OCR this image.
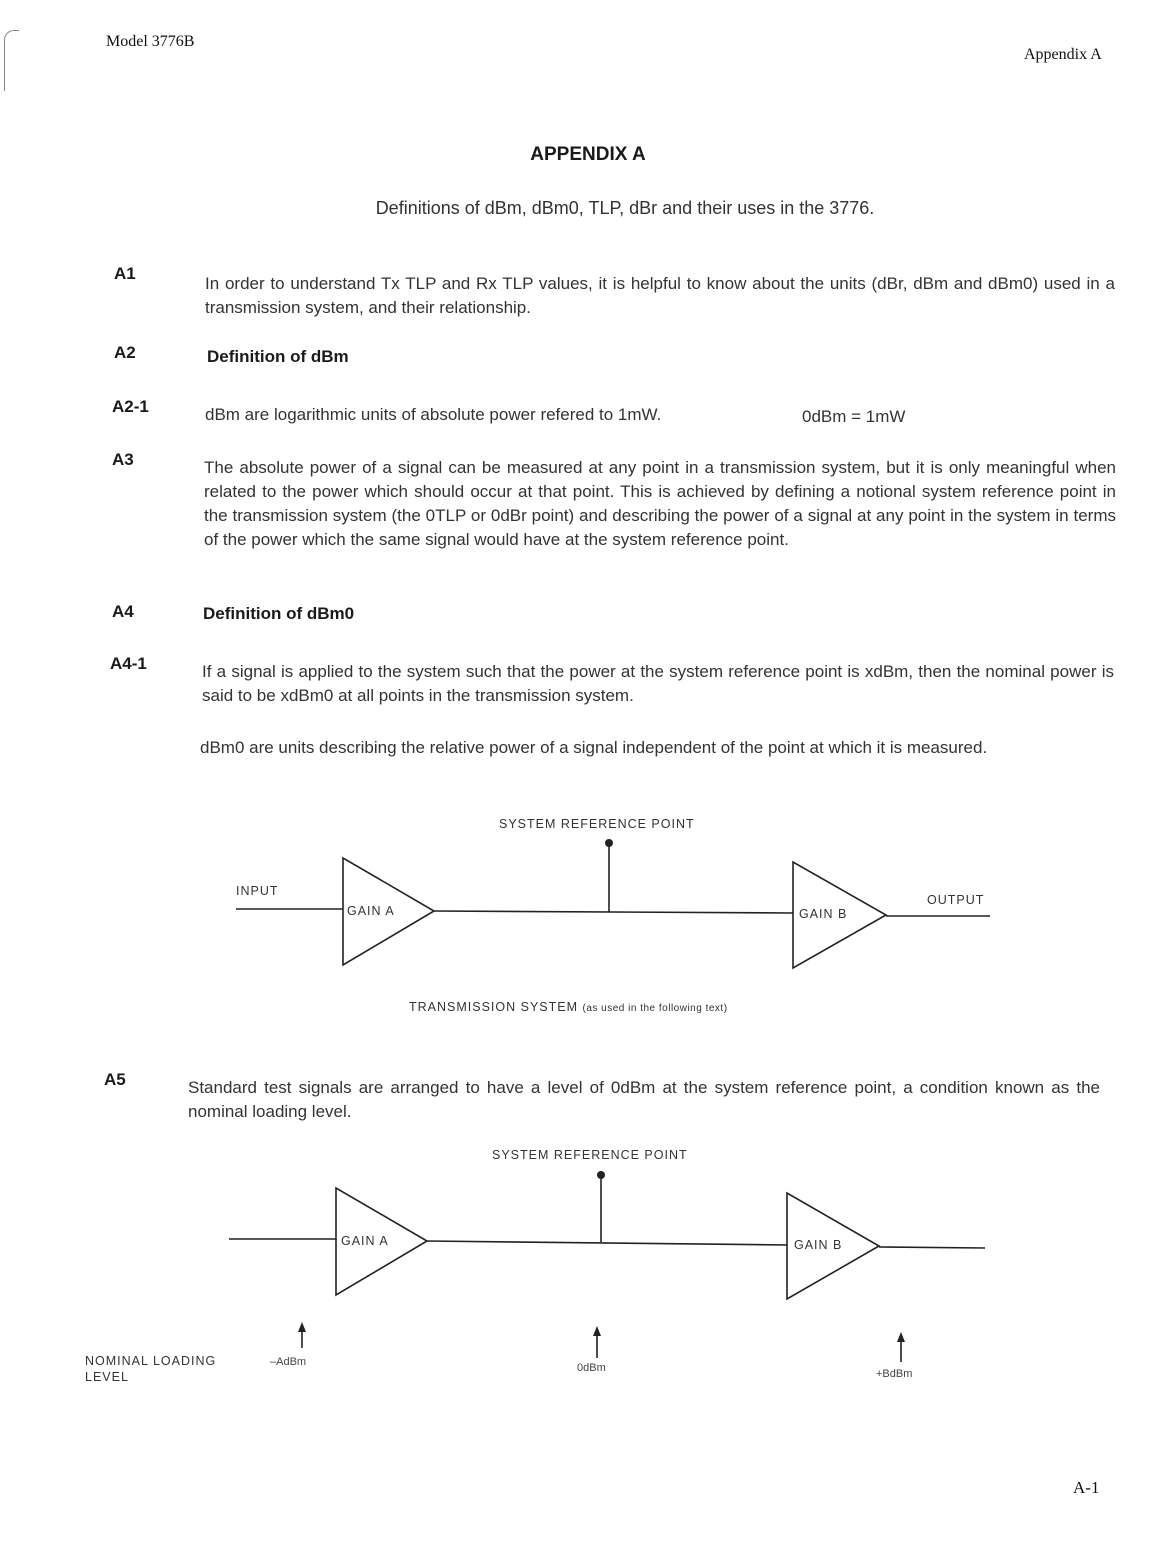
Model 3776B
Appendix A
APPENDIX A
Definitions of dBm, dBm0, TLP, dBr and their uses in the 3776.
A1
In order to understand Tx TLP and Rx TLP values, it is helpful to know about the units (dBr, dBm and dBm0) used in a transmission system, and their relationship.
A2	Definition of dBm
A2-1	dBm are logarithmic units of absolute power refered to 1mW.	0dBm = 1mW
A3	The absolute power of a signal can be measured at any point in a transmission system, but it is only meaningful when related to the power which should occur at that point. This is achieved by defining a notional system reference point in the transmission system (the 0TLP or 0dBr point) and describing the power of a signal at any point in the system in terms of the power which the same signal would have at the system reference point.
A4	Definition of dBm0
A4-1	If a signal is applied to the system such that the power at the system reference point is xdBm, then the nominal power is said to be xdBm0 at all points in the transmission system.
dBm0 are units describing the relative power of a signal independent of the point at which it is measured.
SYSTEM REFERENCE POINT
INPUT
GAIN A	GAIN B
OUTPUT
TRANSMISSION SYSTEM (as used in the following text)
A5	Standard test signals are arranged to have a level of 0dBm at the system reference point, a condition known as the nominal loading level.
SYSTEM REFERENCE POINT
GAIN A	GAIN B
NOMINAL LOADING
LEVEL
–AdBm	0dBm	+BdBm
A-1
